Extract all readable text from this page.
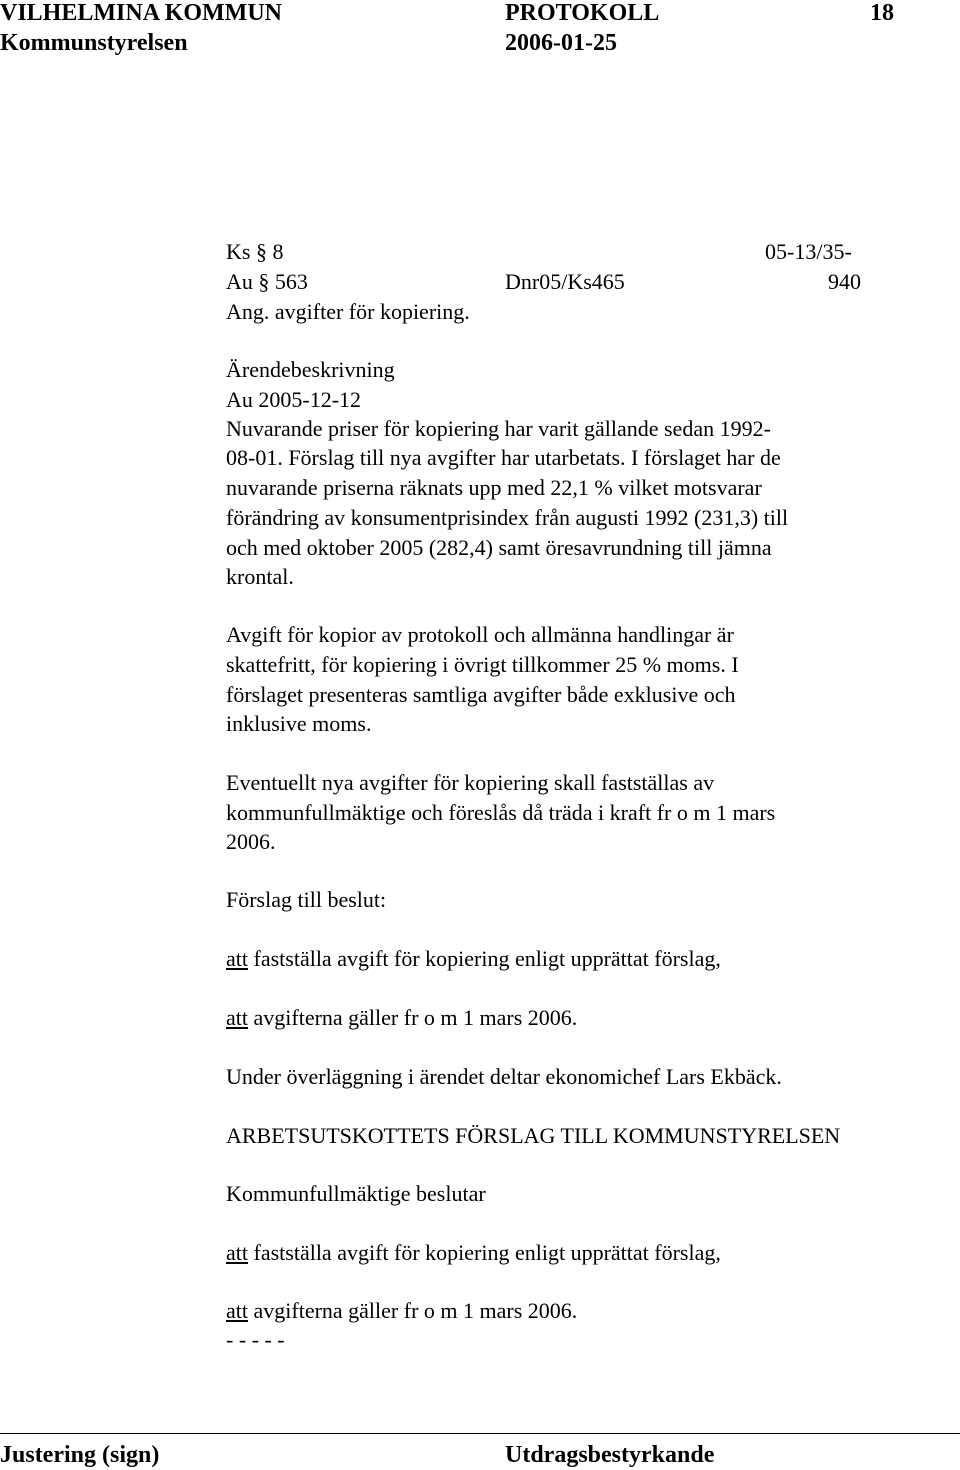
VILHELMINA KOMMUN	PROTOKOLL	18
Kommunstyrelsen	2006-01-25
Ks § 8	05-13/35-
Au § 563	Dnr05/Ks465	940
Ang. avgifter för kopiering.
Ärendebeskrivning
Au 2005-12-12
Nuvarande priser för kopiering har varit gällande sedan 1992-
08-01. Förslag till nya avgifter har utarbetats. I förslaget har de
nuvarande priserna räknats upp med 22,1 % vilket motsvarar
förändring av konsumentprisindex från augusti 1992 (231,3) till
och med oktober 2005 (282,4) samt öresavrundning till jämna
krontal.
Avgift för kopior av protokoll och allmänna handlingar är
skattefritt, för kopiering i övrigt tillkommer 25 % moms. I
förslaget presenteras samtliga avgifter både exklusive och
inklusive moms.
Eventuellt nya avgifter för kopiering skall fastställas av
kommunfullmäktige och föreslås då träda i kraft fr o m 1 mars
2006.
Förslag till beslut:
att fastställa avgift för kopiering enligt upprättat förslag,
att avgifterna gäller fr o m 1 mars 2006.
Under överläggning i ärendet deltar ekonomichef Lars Ekbäck.
ARBETSUTSKOTTETS FÖRSLAG TILL KOMMUNSTYRELSEN
Kommunfullmäktige beslutar
att fastställa avgift för kopiering enligt upprättat förslag,
att avgifterna gäller fr o m 1 mars 2006.
- - - - -
Justering (sign)	Utdragsbestyrkande
